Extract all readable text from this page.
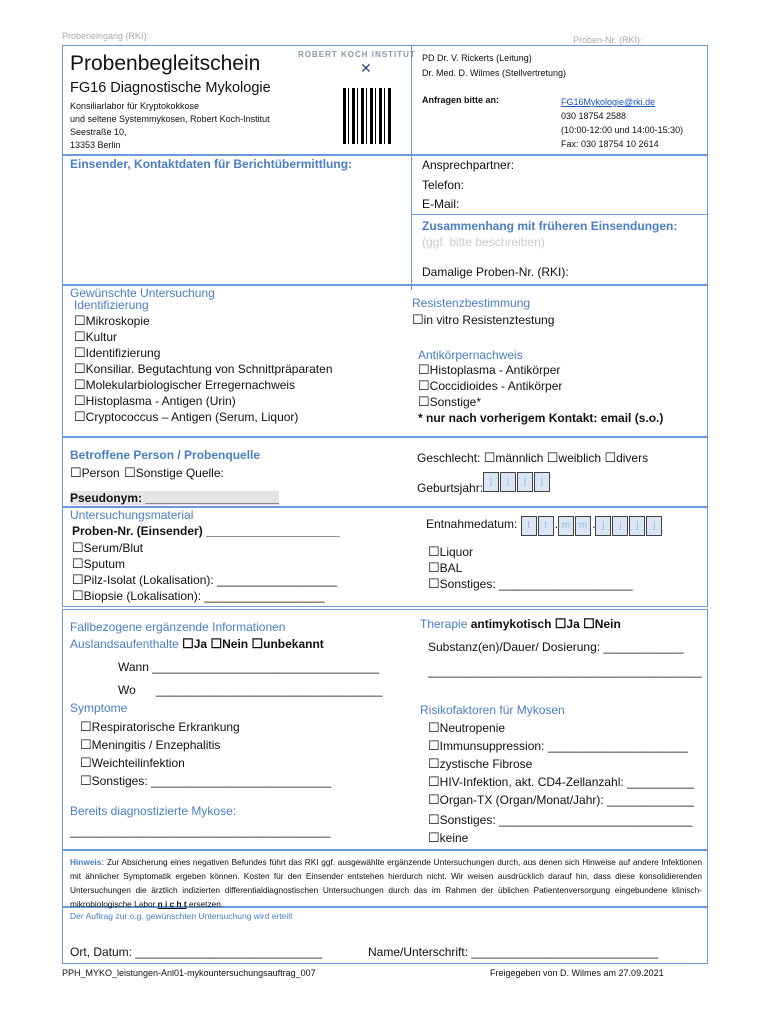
Probeneingang (RKI):	Proben-Nr. (RKI):
Probenbegleitschein	ROBERT KOCH INSTITUT
✕
FG16 Diagnostische Mykologie
Konsiliarlabor für Kryptokokkose
und seltene Systemmykosen, Robert Koch-Institut
Seestraße 10,
13353 Berlin
PD Dr. V. Rickerts (Leitung)
Dr. Med. D. Wilmes (Stellvertretung)
Anfragen bitte an:	FG16Mykologie@rki.de
030 18754 2588
(10:00-12:00 und 14:00-15:30)
Fax: 030 18754 10 2614
Einsender, Kontaktdaten für Berichtübermittlung:	Ansprechpartner:
Telefon:
E-Mail:
Zusammenhang mit früheren Einsendungen:
(ggf. bitte beschreiben)
Damalige Proben-Nr. (RKI):
Gewünschte Untersuchung
Identifizierung
☐ Mikroskopie
☐ Kultur
☐ Identifizierung
☐ Konsiliar. Begutachtung von Schnittpräparaten
☐ Molekularbiologischer Erregernachweis
☐ Histoplasma - Antigen (Urin)
☐ Cryptococcus – Antigen (Serum, Liquor)
Resistenzbestimmung
☐ in vitro Resistenztestung
Antikörpernachweis
☐ Histoplasma - Antikörper
☐ Coccidioides - Antikörper
☐ Sonstige*
* nur nach vorherigem Kontakt: email (s.o.)
Betroffene Person / Probenquelle
☐ Person ☐ Sonstige Quelle:
Pseudonym: ____________________
Geschlecht: ☐ männlich ☐ weiblich ☐ divers
Geburtsjahr: j j j j
Untersuchungsmaterial
Proben-Nr. (Einsender) ____________________
☐ Serum/Blut
☐ Sputum
☐ Pilz-Isolat (Lokalisation): __________________
☐ Biopsie (Lokalisation): __________________
Entnahmedatum: t t . m m . j j j j
☐ Liquor
☐ BAL
☐ Sonstiges: ____________________
Fallbezogene ergänzende Informationen
Auslandsaufenthalte ☐ Ja ☐ Nein ☐ unbekannt
Wann __________________________________
Wo      __________________________________
Symptome
☐ Respiratorische Erkrankung
☐ Meningitis / Enzephalitis
☐ Weichteilinfektion
☐ Sonstiges: ___________________________
Bereits diagnostizierte Mykose:
_______________________________________
Therapie antimykotisch ☐ Ja ☐ Nein
Substanz(en)/Dauer/ Dosierung: ____________
_________________________________________
Risikofaktoren für Mykosen
☐ Neutropenie
☐ Immunsuppression: _____________________
☐ zystische Fibrose
☐ HIV-Infektion, akt. CD4-Zellanzahl: __________
☐ Organ-TX (Organ/Monat/Jahr): _____________
☐ Sonstiges: _____________________________
☐ keine
Hinweis: Zur Absicherung eines negativen Befundes führt das RKI ggf. ausgewählte ergänzende Untersuchungen durch, aus denen sich Hinweise auf andere Infektionen mit ähnlicher Symptomatik ergeben können. Kosten für den Einsender entstehen hierdurch nicht. Wir weisen ausdrücklich darauf hin, dass diese konsolidierenden Untersuchungen die ärztlich indizierten differentialdiagnostischen Untersuchungen durch das im Rahmen der üblichen Patientenversorgung eingebundene klinisch-mikrobiologische Labor n i c h t ersetzen.
Der Auftrag zur o.g. gewünschten Untersuchung wird erteilt
Ort, Datum: ____________________________	Name/Unterschrift: ____________________________
PPH_MYKO_leistungen-Anl01-mykountersuchungsauftrag_007	Freigegeben von D. Wilmes am 27.09.2021
